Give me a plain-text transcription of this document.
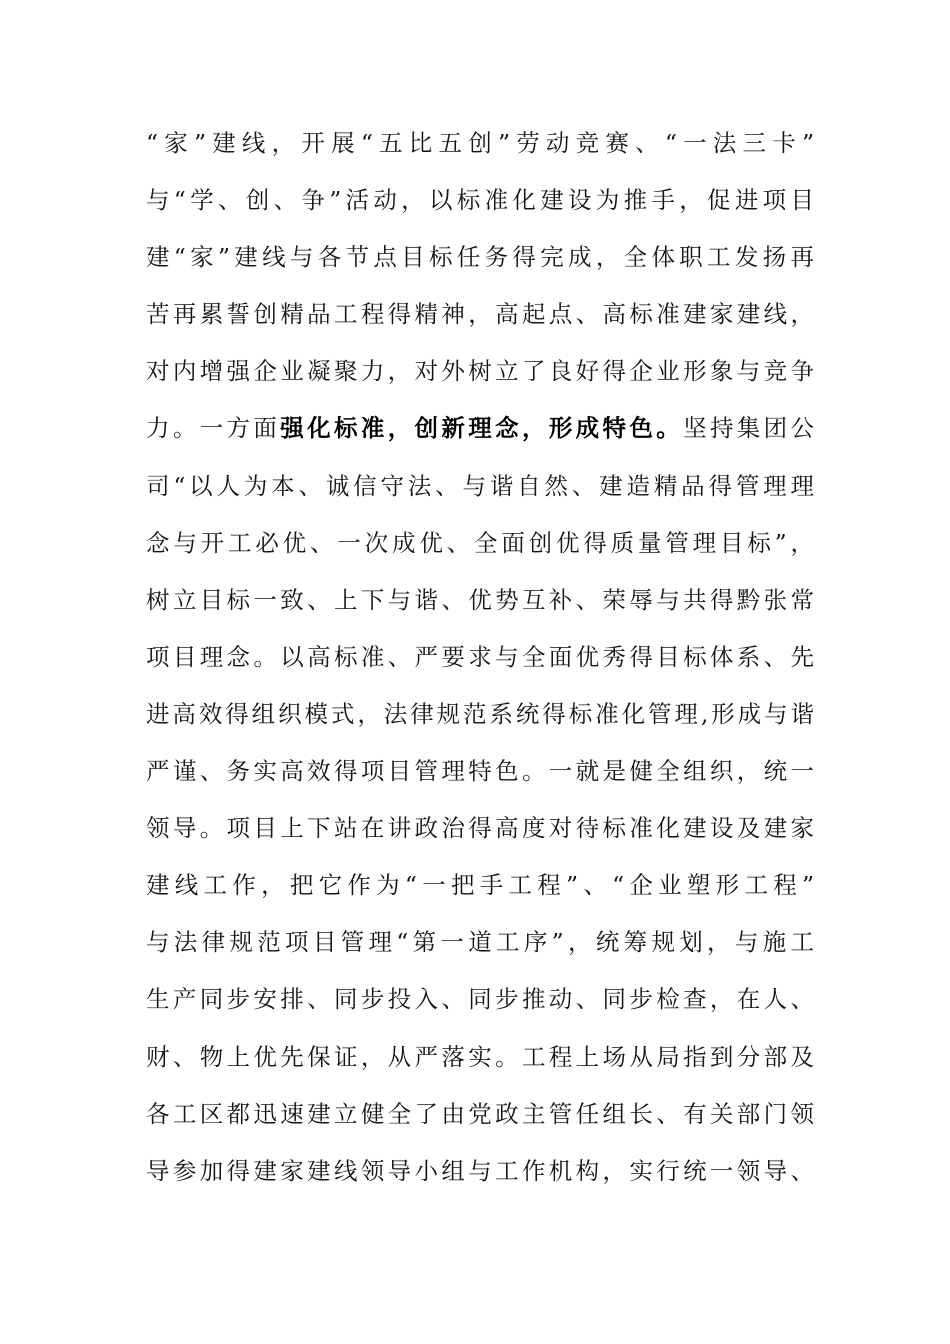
“家”建线，开展“五比五创”劳动竞赛、“一法三卡”
与“学、创、争”活动，以标准化建设为推手，促进项目
建“家”建线与各节点目标任务得完成，全体职工发扬再
苦再累誓创精品工程得精神，高起点、高标准建家建线，
对内增强企业凝聚力，对外树立了良好得企业形象与竞争
力。一方面强化标准，创新理念，形成特色。坚持集团公
司“以人为本、诚信守法、与谐自然、建造精品得管理理
念与开工必优、一次成优、全面创优得质量管理目标”，
树立目标一致、上下与谐、优势互补、荣辱与共得黔张常
项目理念。以高标准、严要求与全面优秀得目标体系、先
进高效得组织模式，法律规范系统得标准化管理,形成与谐
严谨、务实高效得项目管理特色。一就是健全组织，统一
领导。项目上下站在讲政治得高度对待标准化建设及建家
建线工作，把它作为“一把手工程”、“企业塑形工程”
与法律规范项目管理“第一道工序”，统筹规划，与施工
生产同步安排、同步投入、同步推动、同步检查，在人、
财、物上优先保证，从严落实。工程上场从局指到分部及
各工区都迅速建立健全了由党政主管任组长、有关部门领
导参加得建家建线领导小组与工作机构，实行统一领导、
